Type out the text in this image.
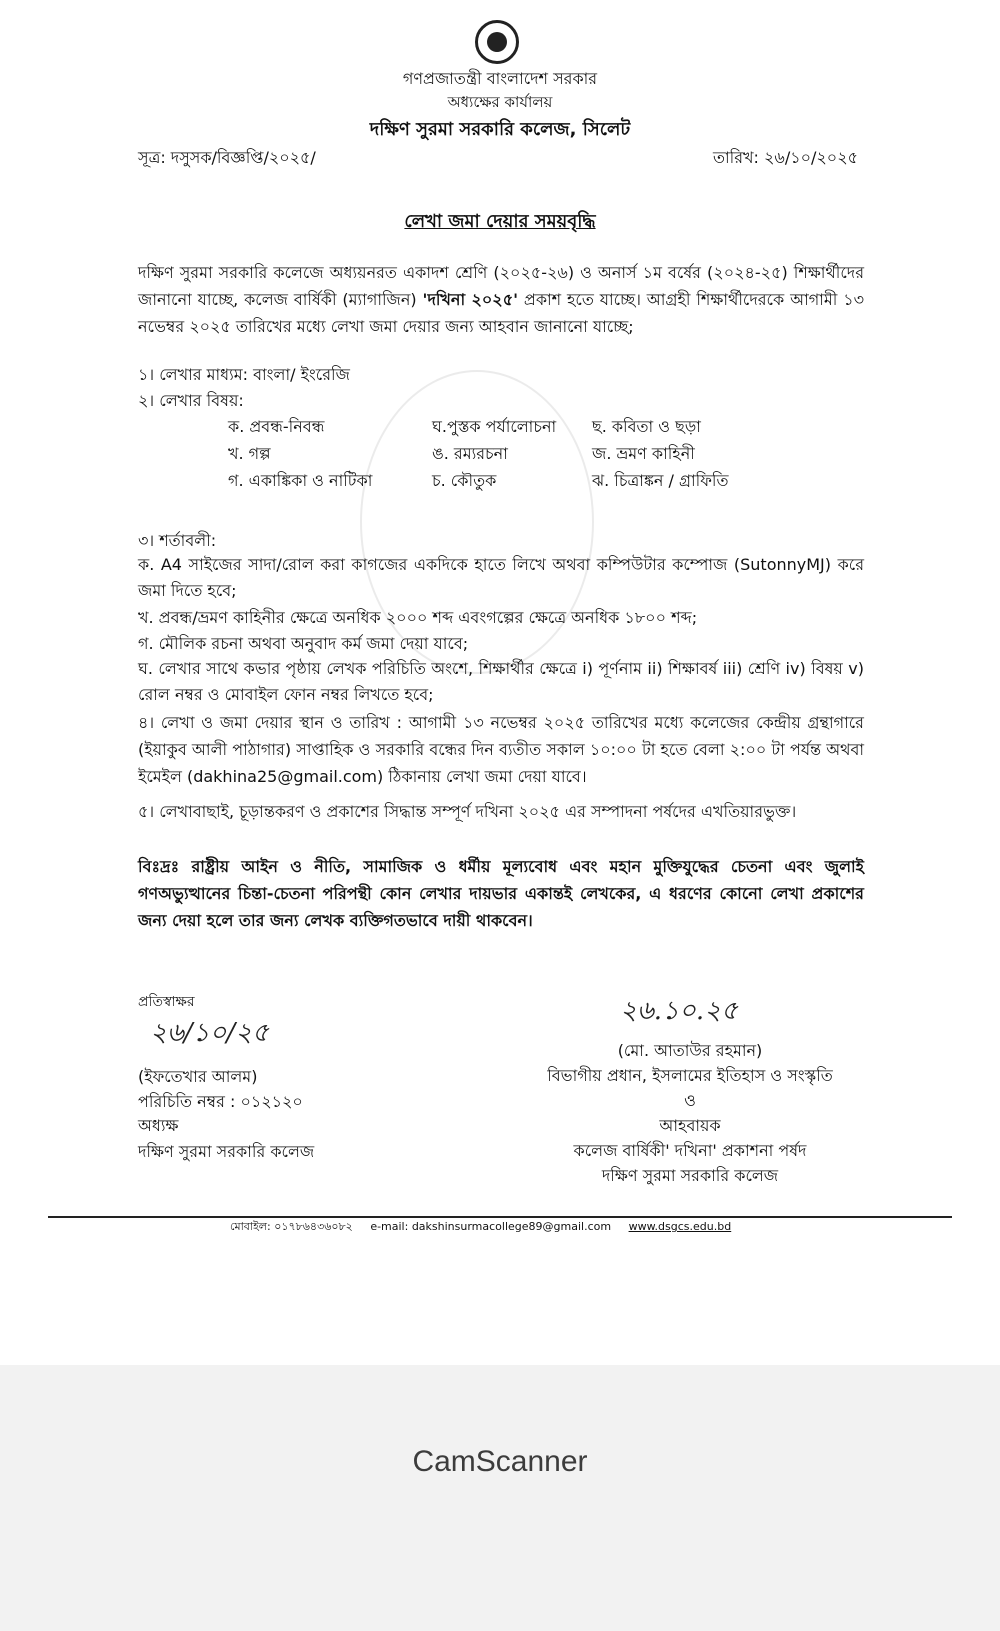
গণপ্রজাতন্ত্রী বাংলাদেশ সরকার
অধ্যক্ষের কার্যালয়
দক্ষিণ সুরমা সরকারি কলেজ, সিলেট
সূত্র: দসুসক/বিজ্ঞপ্তি/২০২৫/	তারিখ: ২৬/১০/২০২৫
লেখা জমা দেয়ার সময়বৃদ্ধি
দক্ষিণ সুরমা সরকারি কলেজে অধ্যয়নরত একাদশ শ্রেণি (২০২৫-২৬) ও অনার্স ১ম বর্ষের (২০২৪-২৫) শিক্ষার্থীদের জানানো যাচ্ছে, কলেজ বার্ষিকী (ম্যাগাজিন) 'দখিনা ২০২৫' প্রকাশ হতে যাচ্ছে। আগ্রহী শিক্ষার্থীদেরকে আগামী ১৩ নভেম্বর ২০২৫ তারিখের মধ্যে লেখা জমা দেয়ার জন্য আহবান জানানো যাচ্ছে;
১। লেখার মাধ্যম: বাংলা/ ইংরেজি
২। লেখার বিষয়:
ক. প্রবন্ধ-নিবন্ধ	ঘ.পুস্তক পর্যালোচনা ছ. কবিতা ও ছড়া
খ. গল্প	ঙ. রম্যরচনা	জ. ভ্রমণ কাহিনী
গ. একাঙ্কিকা ও নাটিকা	চ. কৌতুক	ঝ. চিত্রাঙ্কন / গ্রাফিতি
৩। শর্তাবলী:
ক. A4 সাইজের সাদা/রোল করা কাগজের একদিকে হাতে লিখে অথবা কম্পিউটার কম্পোজ (SutonnyMJ) করে জমা দিতে হবে;
খ. প্রবন্ধ/ভ্রমণ কাহিনীর ক্ষেত্রে অনধিক ২০০০ শব্দ এবংগল্পের ক্ষেত্রে অনধিক ১৮০০ শব্দ;
গ. মৌলিক রচনা অথবা অনুবাদ কর্ম জমা দেয়া যাবে;
ঘ. লেখার সাথে কভার পৃষ্ঠায় লেখক পরিচিতি অংশে, শিক্ষার্থীর ক্ষেত্রে i) পূর্ণনাম ii) শিক্ষাবর্ষ iii) শ্রেণি iv) বিষয় v) রোল নম্বর ও মোবাইল ফোন নম্বর লিখতে হবে;
৪। লেখা ও জমা দেয়ার স্থান ও তারিখ : আগামী ১৩ নভেম্বর ২০২৫ তারিখের মধ্যে কলেজের কেন্দ্রীয় গ্রন্থাগারে (ইয়াকুব আলী পাঠাগার) সাপ্তাহিক ও সরকারি বন্ধের দিন ব্যতীত সকাল ১০:০০ টা হতে বেলা ২:০০ টা পর্যন্ত অথবা ইমেইল (dakhina25@gmail.com) ঠিকানায় লেখা জমা দেয়া যাবে।
৫। লেখাবাছাই, চূড়ান্তকরণ ও প্রকাশের সিদ্ধান্ত সম্পূর্ণ দখিনা ২০২৫ এর সম্পাদনা পর্ষদের এখতিয়ারভুক্ত।
বিঃদ্রঃ রাষ্ট্রীয় আইন ও নীতি, সামাজিক ও ধর্মীয় মূল্যবোধ এবং মহান মুক্তিযুদ্ধের চেতনা এবং জুলাই গণঅভ্যুত্থানের চিন্তা-চেতনা পরিপন্থী কোন লেখার দায়ভার একান্তই লেখকের, এ ধরণের কোনো লেখা প্রকাশের জন্য দেয়া হলে তার জন্য লেখক ব্যক্তিগতভাবে দায়ী থাকবেন।
প্রতিস্বাক্ষর
২৬/১০/২৫
(ইফতেখার আলম)
পরিচিতি নম্বর : ০১২১২০
অধ্যক্ষ
দক্ষিণ সুরমা সরকারি কলেজ
২৬.১০.২৫
(মো. আতাউর রহমান)
বিভাগীয় প্রধান, ইসলামের ইতিহাস ও সংস্কৃতি
ও
আহবায়ক
কলেজ বার্ষিকী' দখিনা' প্রকাশনা পর্ষদ
দক্ষিণ সুরমা সরকারি কলেজ
মোবাইল: ০১৭৮৬৪৩৬০৮২ e-mail: dakshinsurmacollege89@gmail.com www.dsgcs.edu.bd
CamScanner
